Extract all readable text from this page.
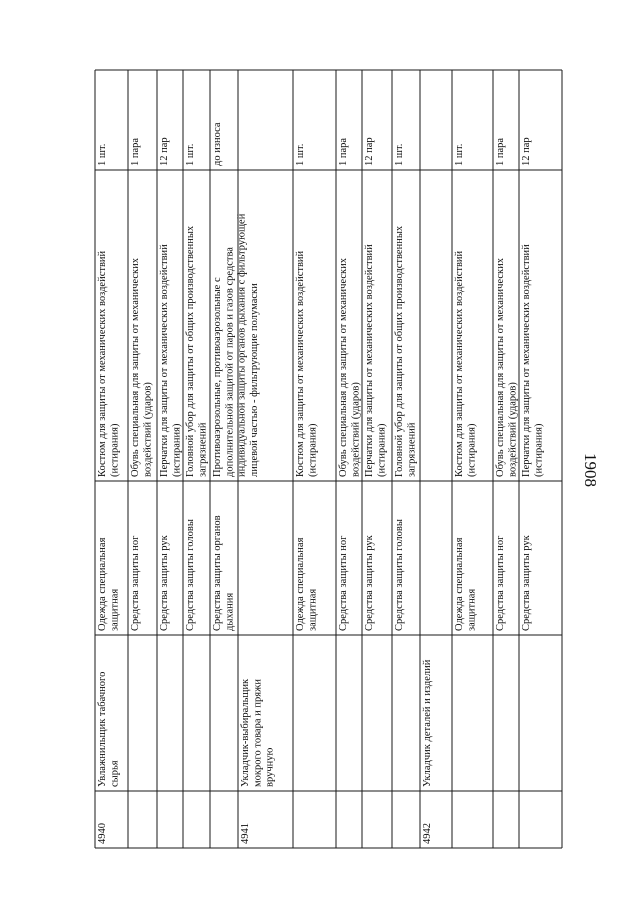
1908
4940
Увлажнильщик табачногосырья
Одежда специальнаязащитная
Костюм для защиты от механических воздействий(истирания)
1 шт.
Средства защиты ног
Обувь специальная для защиты от механическихвоздействий (ударов)
1 пара
Средства защиты рук
Перчатки для защиты от механических воздействий(истирания)
12 пар
Средства защиты головы
Головной убор для защиты от общих производственныхзагрязнений
1 шт.
Средства защиты органовдыхания
Противоаэрозольные, противоаэрозольные сдополнительной защитой от паров и газов средстваиндивидуальной защиты органов дыхания с фильтрующейлицевой частью - фильтрующие полумаски
до износа
4941
Укладчик-выбиральщикмокрого товара и пряживручную
Одежда специальнаязащитная
Костюм для защиты от механических воздействий(истирания)
1 шт.
Средства защиты ног
Обувь специальная для защиты от механическихвоздействий (ударов)
1 пара
Средства защиты рук
Перчатки для защиты от механических воздействий(истирания)
12 пар
Средства защиты головы
Головной убор для защиты от общих производственныхзагрязнений
1 шт.
4942
Укладчик деталей и изделий
Одежда специальнаязащитная
Костюм для защиты от механических воздействий(истирания)
1 шт.
Средства защиты ног
Обувь специальная для защиты от механическихвоздействий (ударов)
1 пара
Средства защиты рук
Перчатки для защиты от механических воздействий(истирания)
12 пар
